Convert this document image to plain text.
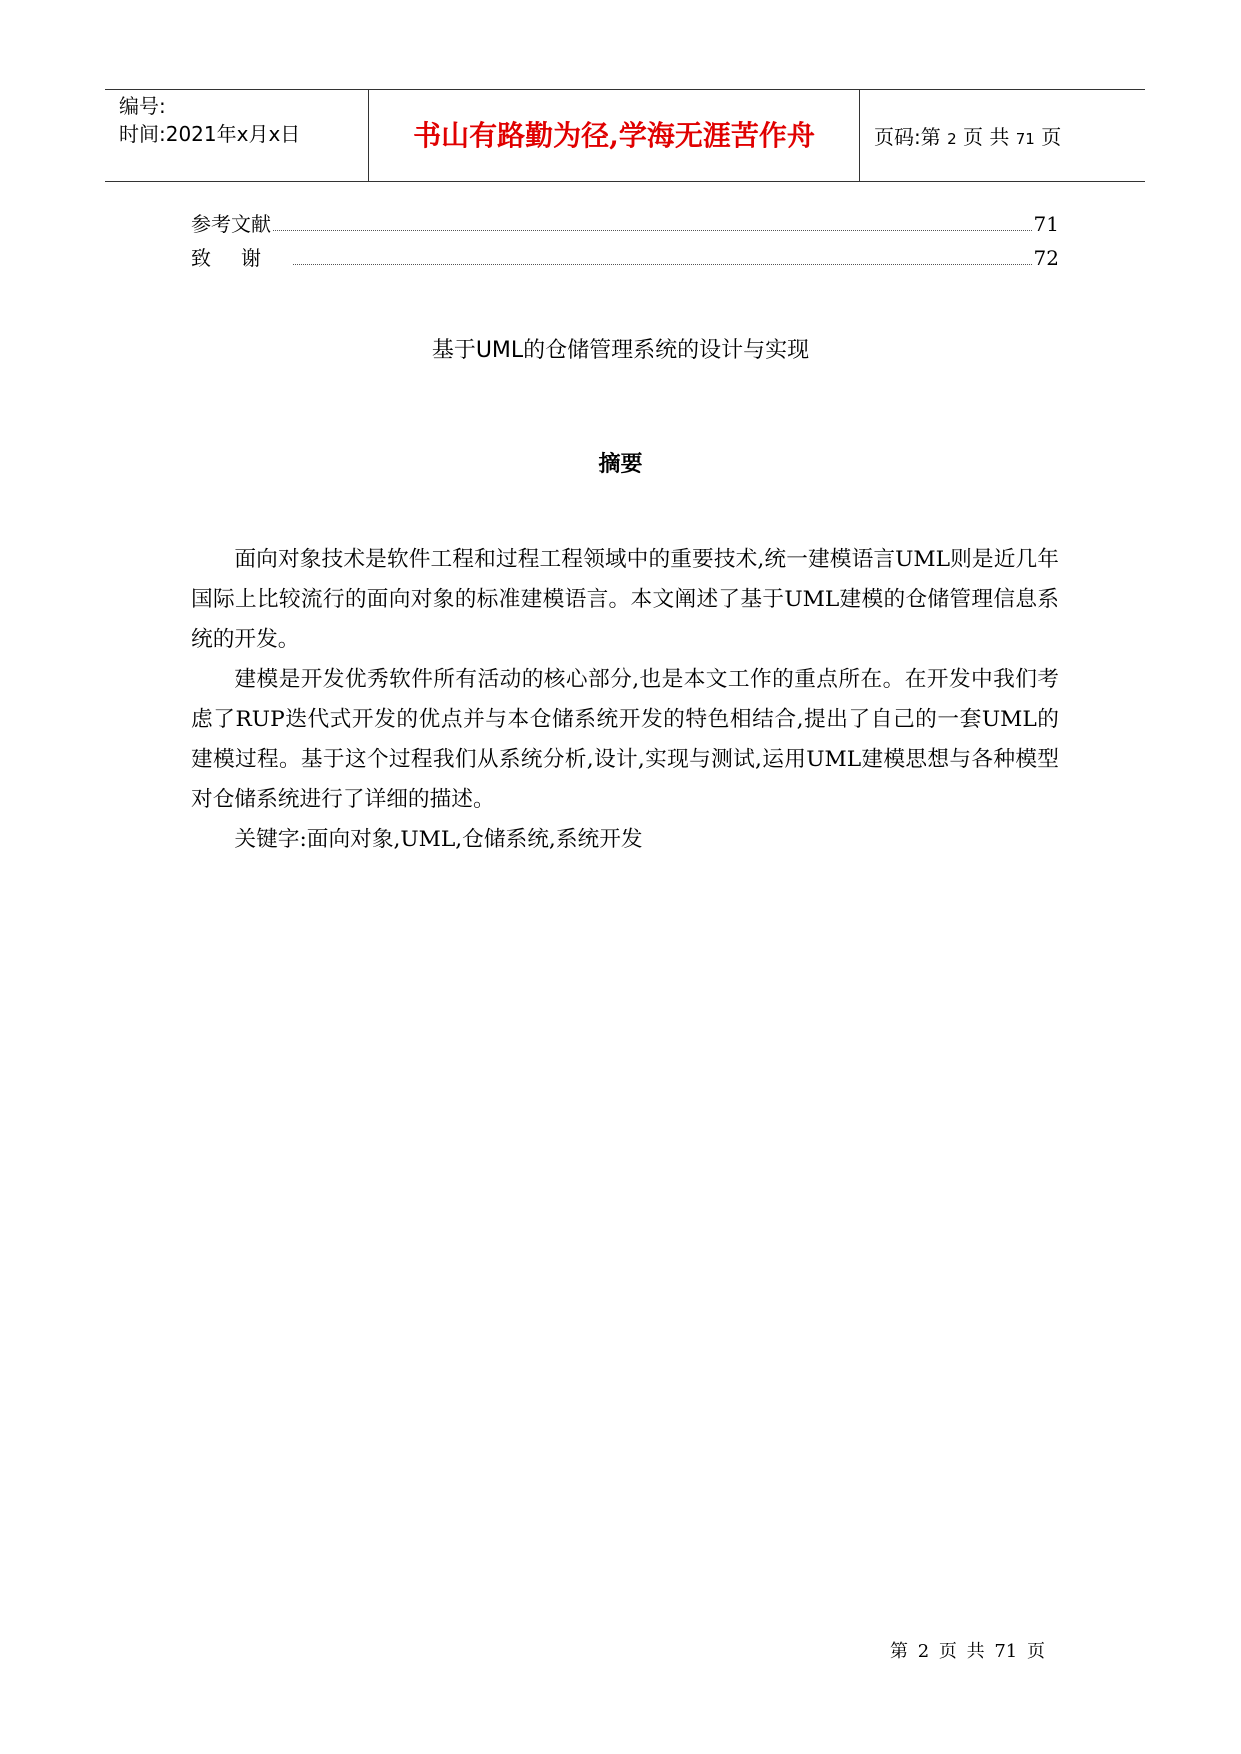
编号:
时间:2021年x月x日	书山有路勤为径,学海无涯苦作舟	页码:第 2 页 共 71 页
参考文献	71
致谢	72
基于UML的仓储管理系统的设计与实现
摘要

面向对象技术是软件工程和过程工程领域中的重要技术,统一建模语言UML则是近几年国际上比较流行的面向对象的标准建模语言。本文阐述了基于UML建模的仓储管理信息系统的开发。

建模是开发优秀软件所有活动的核心部分,也是本文工作的重点所在。在开发中我们考虑了RUP迭代式开发的优点并与本仓储系统开发的特色相结合,提出了自己的一套UML的建模过程。基于这个过程我们从系统分析,设计,实现与测试,运用UML建模思想与各种模型对仓储系统进行了详细的描述。

关键字:面向对象,UML,仓储系统,系统开发

第 2 页 共 71 页
